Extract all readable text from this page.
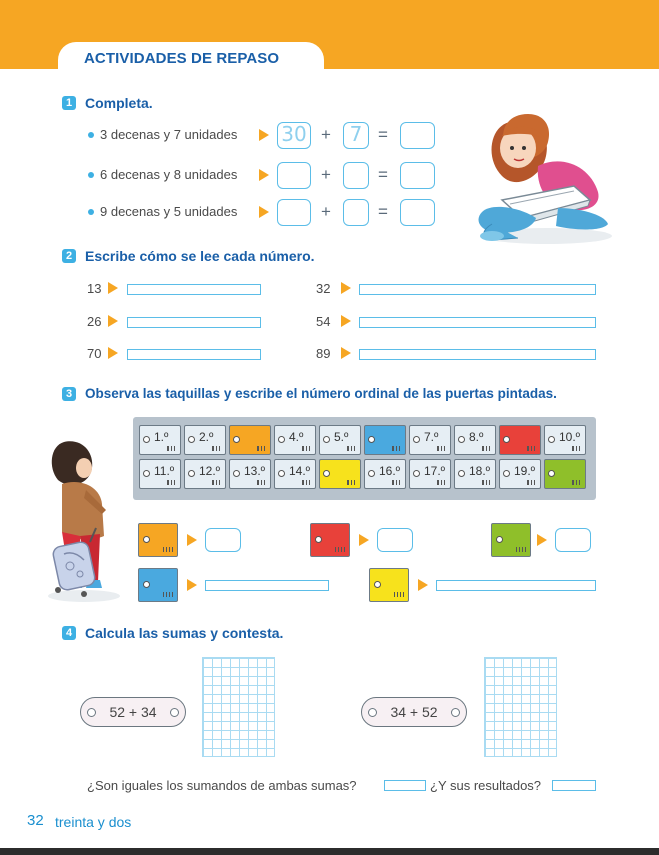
ACTIVIDADES DE REPASO
1 Completa.
3 decenas y 7 unidades 30 + 7 =
6 decenas y 8 unidades	+	=
9 decenas y 5 unidades	+	=
2 Escribe cómo se lee cada número.
13	32
26	54
70	89
3 Observa las taquillas y escribe el número ordinal de las puertas pintadas.
1.º	2.º	4.º	5.º	7.º	8.º	10.º
11.º 12.º 13.º 14.º	16.º 17.º 18.º 19.º
4 Calcula las sumas y contesta.
52 + 34	34 + 52
¿Son iguales los sumandos de ambas sumas?	¿Y sus resultados?
32 treinta y dos
